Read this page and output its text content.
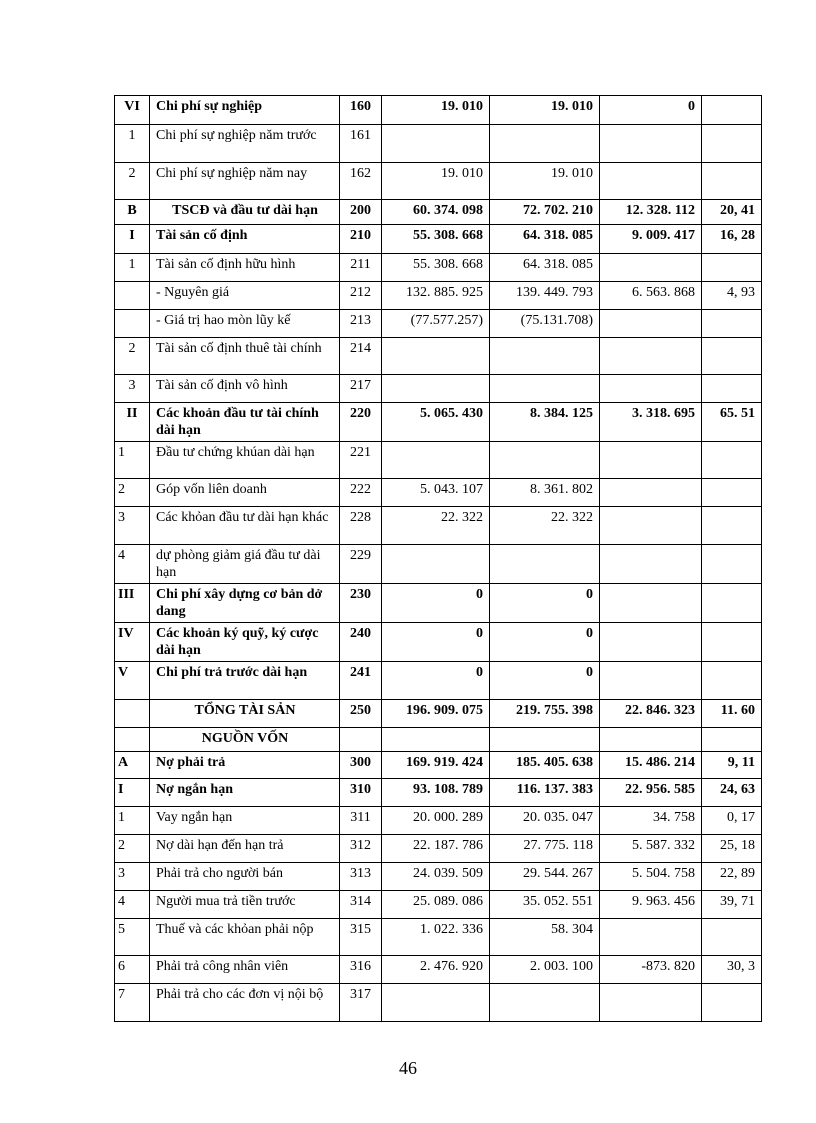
VI	Chi phí sự nghiệp	160	19. 010	19. 010	0	
1	Chi phí sự nghiệp năm trước	161				
2	Chi phí sự nghiệp năm nay	162	19. 010	19. 010		
B	TSCĐ và đầu tư dài hạn	200	60. 374. 098	72. 702. 210	12. 328. 112	20, 41
I	Tài sản cố định	210	55. 308. 668	64. 318. 085	9. 009. 417	16, 28
1	Tài sản cố định hữu hình	211	55. 308. 668	64. 318. 085		
	- Nguyên giá	212	132. 885. 925	139. 449. 793	6. 563. 868	4, 93
	- Giá trị hao mòn lũy kế	213	(77.577.257)	(75.131.708)		
2	Tài sản cố định thuê tài chính	214				
3	Tài sản cố định vô hình	217				
II	Các khoản đầu tư tài chính dài hạn	220	5. 065. 430	8. 384. 125	3. 318. 695	65. 51
1	Đầu tư chứng khúan dài hạn	221				
2	Góp vốn liên doanh	222	5. 043. 107	8. 361. 802		
3	Các khỏan đầu tư dài hạn khác	228	22. 322	22. 322		
4	dự phòng giảm giá đầu tư dài hạn	229				
III	Chi phí xây dựng cơ bản dở dang	230	0	0		
IV	Các khoản ký quỹ, ký cược dài hạn	240	0	0		
V	Chi phí trả trước dài hạn	241	0	0		
	TỔNG TÀI SẢN	250	196. 909. 075	219. 755. 398	22. 846. 323	11. 60
	NGUỒN VỐN					
A	Nợ phải trả	300	169. 919. 424	185. 405. 638	15. 486. 214	9, 11
I	Nợ ngắn hạn	310	93. 108. 789	116. 137. 383	22. 956. 585	24, 63
1	Vay ngắn hạn	311	20. 000. 289	20. 035. 047	34. 758	0, 17
2	Nợ dài hạn đến hạn trả	312	22. 187. 786	27. 775. 118	5. 587. 332	25, 18
3	Phải trả cho người bán	313	24. 039. 509	29. 544. 267	5. 504. 758	22, 89
4	Người mua trả tiền trước	314	25. 089. 086	35. 052. 551	9. 963. 456	39, 71
5	Thuế và các khỏan phải nộp	315	1. 022. 336	58. 304		
6	Phải trả công nhân viên	316	2. 476. 920	2. 003. 100	-873. 820	30, 3
7	Phải trả cho các đơn vị nội bộ	317				
46
